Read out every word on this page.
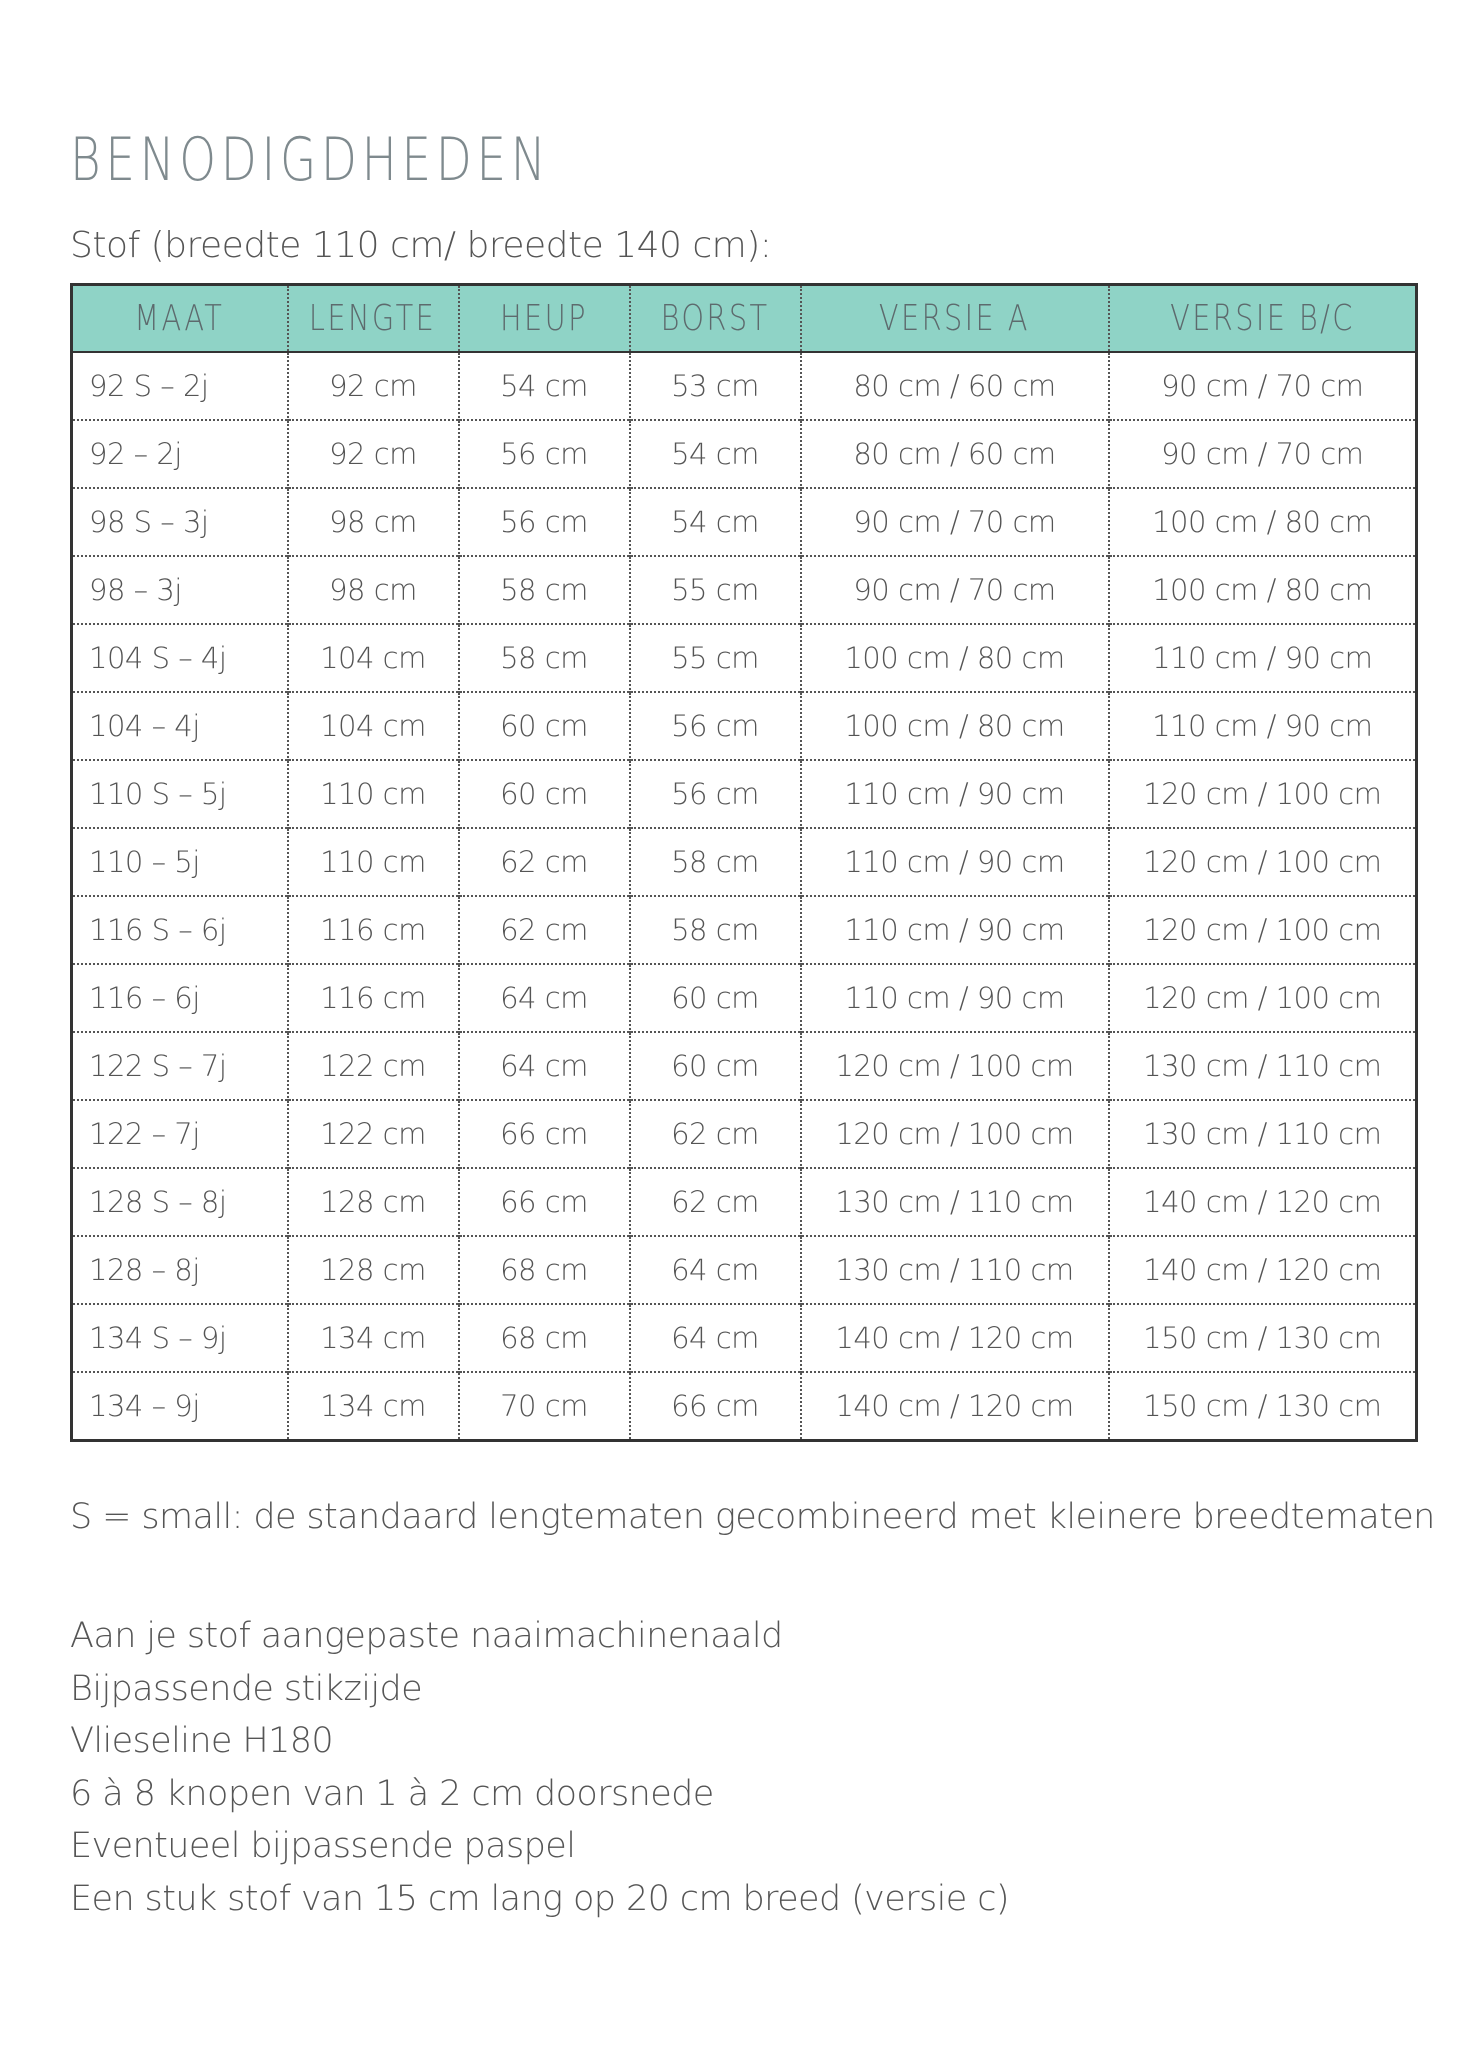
BENODIGDHEDEN

Stof (breedte 110 cm/ breedte 140 cm):

MAAT	LENGTE	HEUP	BORST	VERSIE A	VERSIE B/C
92 S – 2j	92 cm	54 cm	53 cm	80 cm / 60 cm	90 cm / 70 cm
92 – 2j	92 cm	56 cm	54 cm	80 cm / 60 cm	90 cm / 70 cm
98 S – 3j	98 cm	56 cm	54 cm	90 cm / 70 cm	100 cm / 80 cm
98 – 3j	98 cm	58 cm	55 cm	90 cm / 70 cm	100 cm / 80 cm
104 S – 4j	104 cm	58 cm	55 cm	100 cm / 80 cm	110 cm / 90 cm
104 – 4j	104 cm	60 cm	56 cm	100 cm / 80 cm	110 cm / 90 cm
110 S – 5j	110 cm	60 cm	56 cm	110 cm / 90 cm	120 cm / 100 cm
110 – 5j	110 cm	62 cm	58 cm	110 cm / 90 cm	120 cm / 100 cm
116 S – 6j	116 cm	62 cm	58 cm	110 cm / 90 cm	120 cm / 100 cm
116 – 6j	116 cm	64 cm	60 cm	110 cm / 90 cm	120 cm / 100 cm
122 S – 7j	122 cm	64 cm	60 cm	120 cm / 100 cm	130 cm / 110 cm
122 – 7j	122 cm	66 cm	62 cm	120 cm / 100 cm	130 cm / 110 cm
128 S – 8j	128 cm	66 cm	62 cm	130 cm / 110 cm	140 cm / 120 cm
128 – 8j	128 cm	68 cm	64 cm	130 cm / 110 cm	140 cm / 120 cm
134 S – 9j	134 cm	68 cm	64 cm	140 cm / 120 cm	150 cm / 130 cm
134 – 9j	134 cm	70 cm	66 cm	140 cm / 120 cm	150 cm / 130 cm

S = small: de standaard lengtematen gecombineerd met kleinere breedtematen

Aan je stof aangepaste naaimachinenaald
Bijpassende stikzijde
Vlieseline H180
6 à 8 knopen van 1 à 2 cm doorsnede
Eventueel bijpassende paspel
Een stuk stof van 15 cm lang op 20 cm breed (versie c)
